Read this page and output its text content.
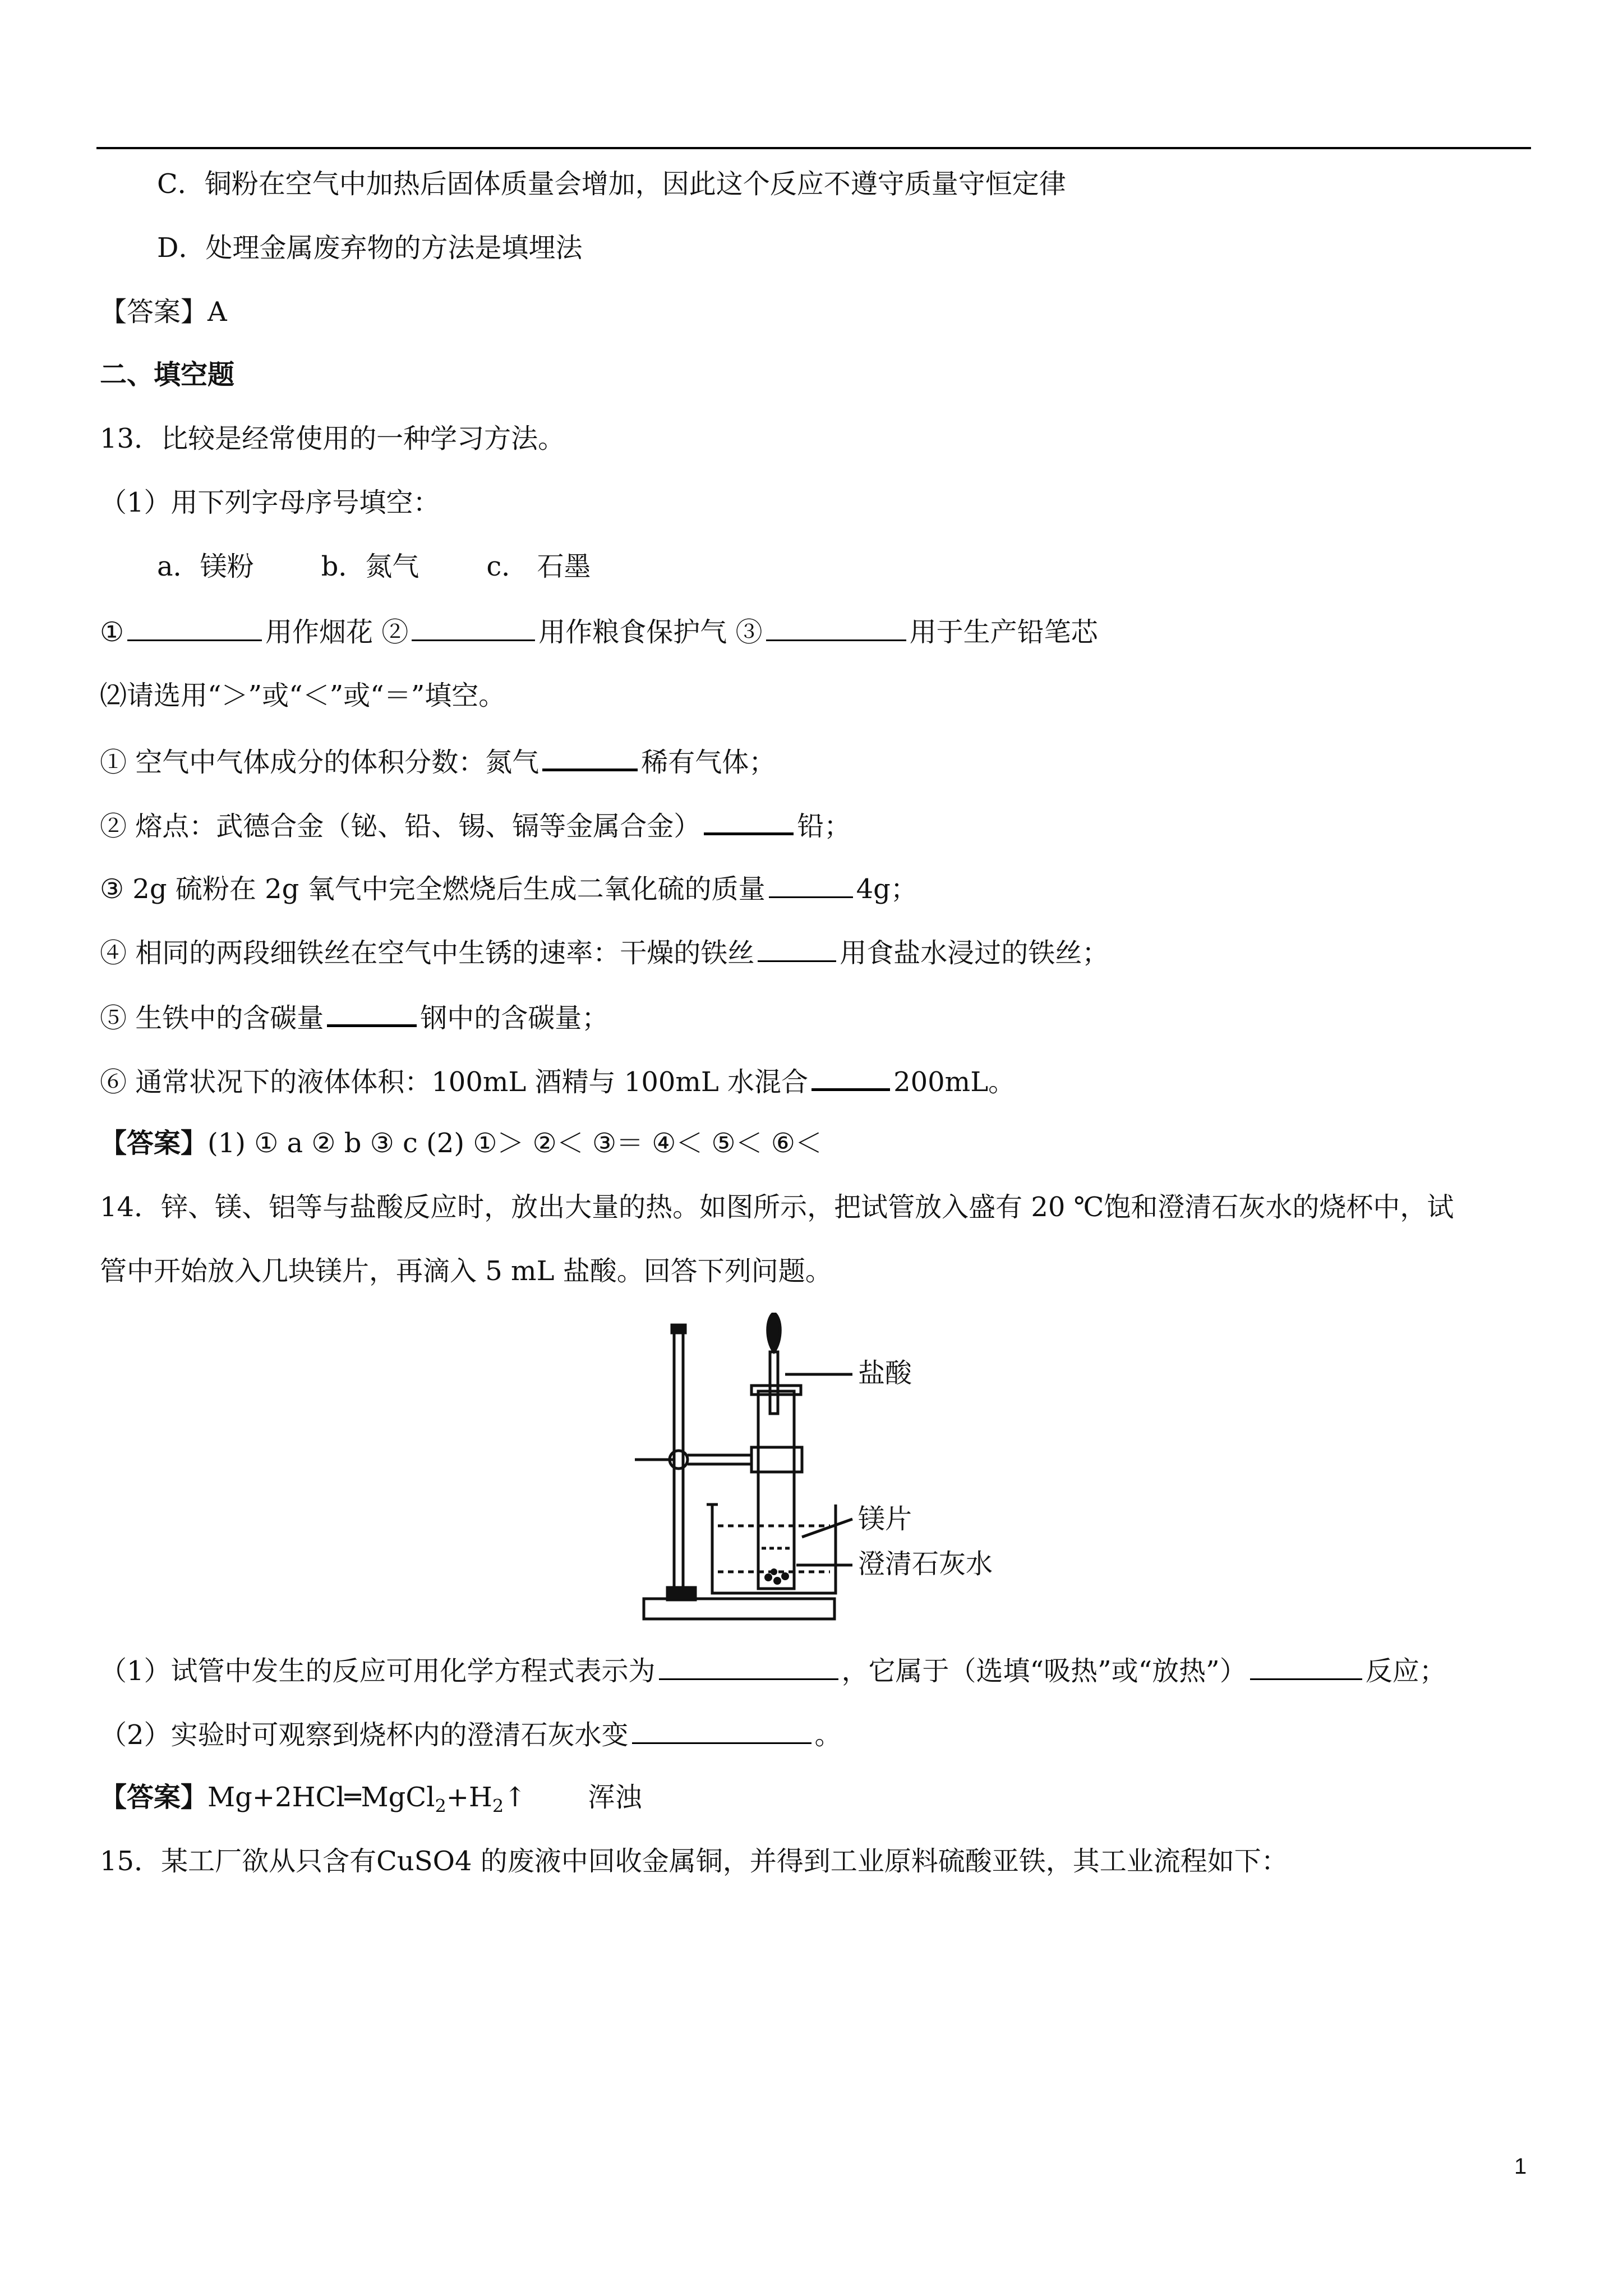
C．铜粉在空气中加热后固体质量会增加，因此这个反应不遵守质量守恒定律
D．处理金属废弃物的方法是填埋法
【答案】A
二、填空题
13．比较是经常使用的一种学习方法。
（1）用下列字母序号填空：
a．镁粉	b．氮气	c． 石墨
①	用作烟花 ②	用作粮食保护气 ③	用于生产铅笔芯
⑵请选用“＞”或“＜”或“＝”填空。
① 空气中气体成分的体积分数：氮气	稀有气体；
② 熔点：武德合金（铋、铅、锡、镉等金属合金）	铅；
③ 2g 硫粉在 2g 氧气中完全燃烧后生成二氧化硫的质量	4g；
④ 相同的两段细铁丝在空气中生锈的速率：干燥的铁丝	用食盐水浸过的铁丝；
⑤ 生铁中的含碳量	钢中的含碳量；
⑥ 通常状况下的液体体积：100mL 酒精与 100mL 水混合	200mL。
【答案】(1) ① a ② b ③ c (2) ①＞ ②＜ ③＝ ④＜ ⑤＜ ⑥＜
14．锌、镁、铝等与盐酸反应时，放出大量的热。如图所示，把试管放入盛有 20 ℃饱和澄清石灰水的烧杯中，试
管中开始放入几块镁片，再滴入 5 mL 盐酸。回答下列问题。
盐酸
镁片
澄清石灰水
（1）试管中发生的反应可用化学方程式表示为	，它属于（选填“吸热”或“放热”）	反应；
（2）实验时可观察到烧杯内的澄清石灰水变	。
【答案】$Mg+2HCl═MgCl_2+H_2↑$ 浑浊
15．某工厂欲从只含有CuSO4 的废液中回收金属铜，并得到工业原料硫酸亚铁，其工业流程如下：
1
